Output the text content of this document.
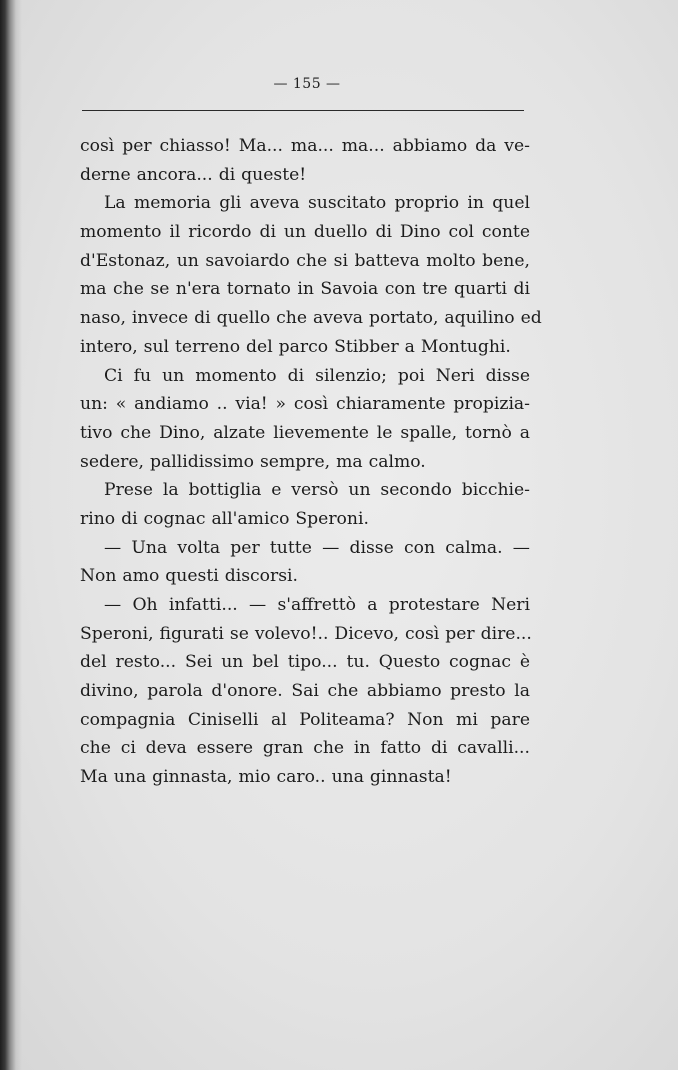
— 155 —
così per chiasso! Ma... ma... ma... abbiamo da ve-
derne ancora... di queste!
La memoria gli aveva suscitato proprio in quel
momento il ricordo di un duello di Dino col conte
d'Estonaz, un savoiardo che si batteva molto bene,
ma che se n'era tornato in Savoia con tre quarti di
naso, invece di quello che aveva portato, aquilino ed
intero, sul terreno del parco Stibber a Montughi.
Ci fu un momento di silenzio; poi Neri disse
un: « andiamo .. via! » così chiaramente propizia-
tivo che Dino, alzate lievemente le spalle, tornò a
sedere, pallidissimo sempre, ma calmo.
Prese la bottiglia e versò un secondo bicchie-
rino di cognac all'amico Speroni.
— Una volta per tutte — disse con calma. —
Non amo questi discorsi.
— Oh infatti... — s'affrettò a protestare Neri
Speroni, figurati se volevo!.. Dicevo, così per dire...
del resto... Sei un bel tipo... tu. Questo cognac è
divino, parola d'onore. Sai che abbiamo presto la
compagnia Ciniselli al Politeama? Non mi pare
che ci deva essere gran che in fatto di cavalli...
Ma una ginnasta, mio caro.. una ginnasta!
